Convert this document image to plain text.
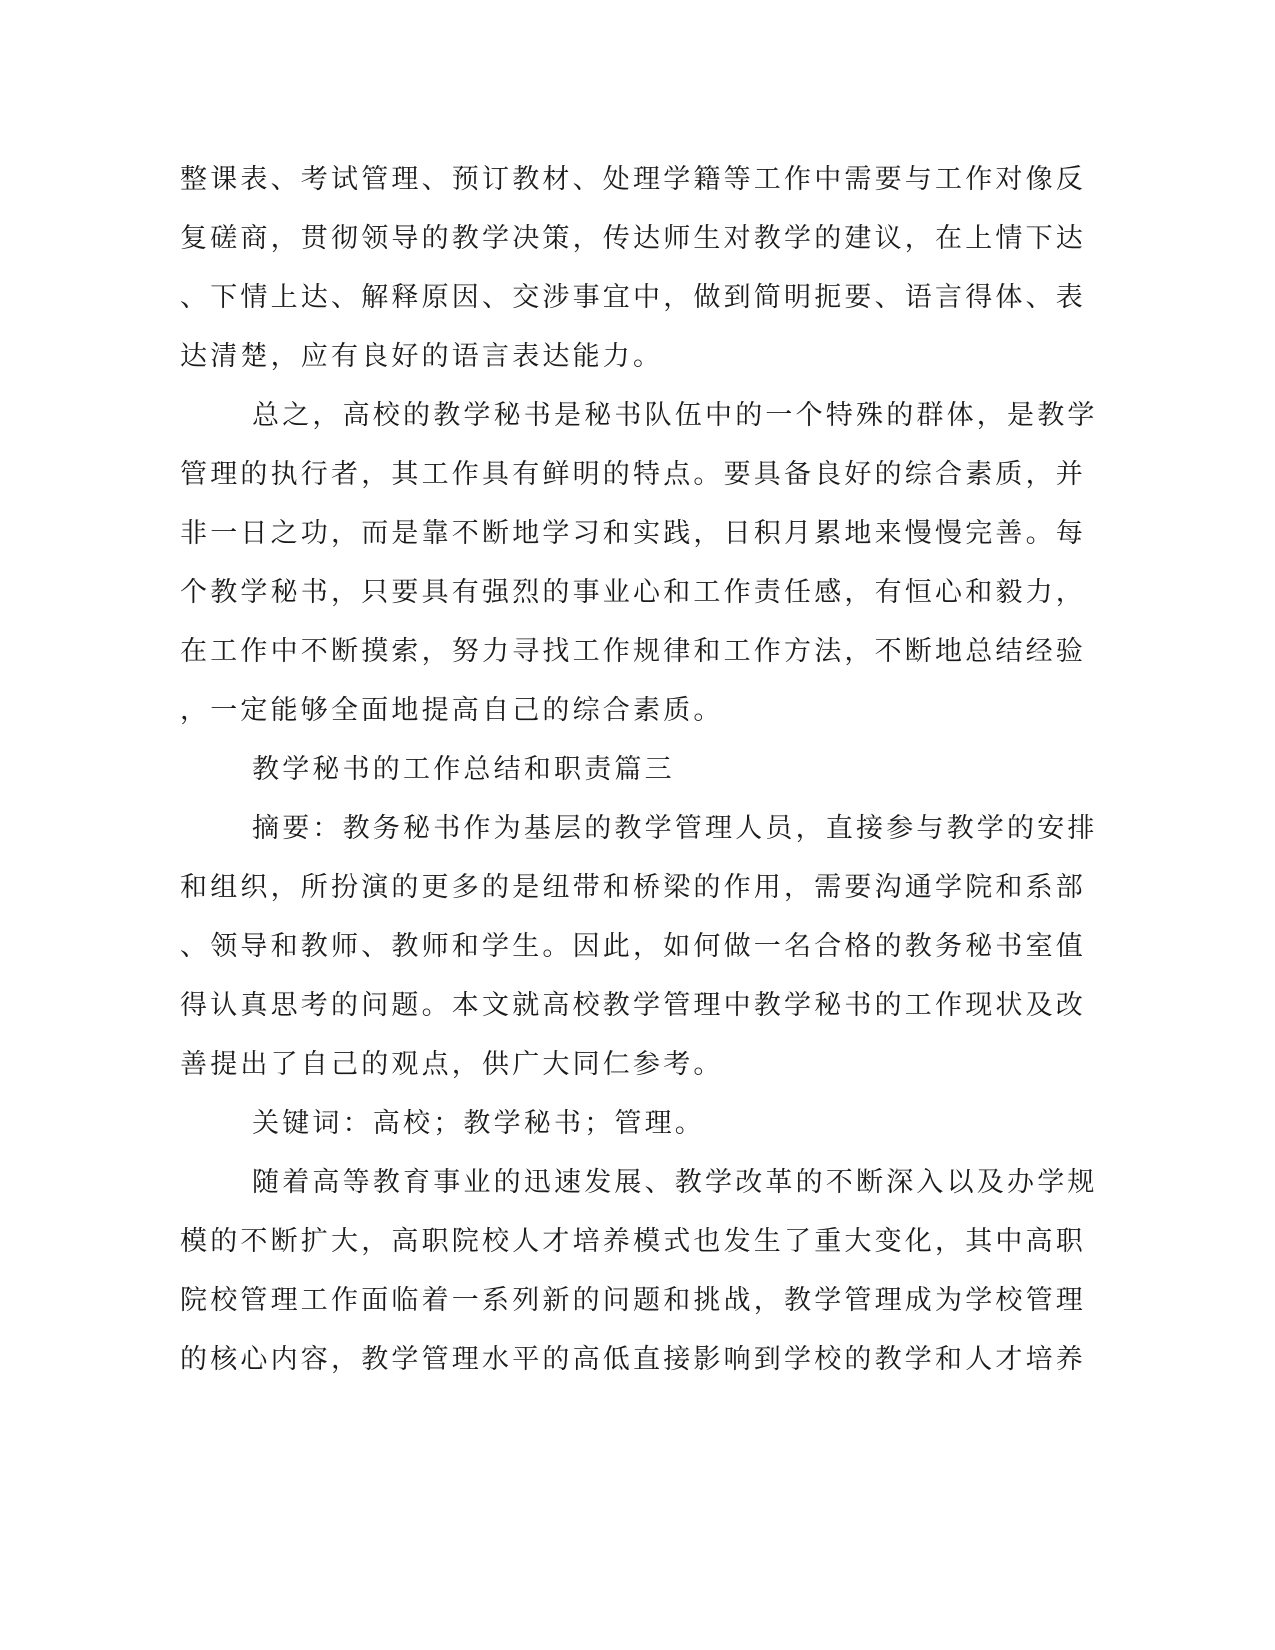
整课表、考试管理、预订教材、处理学籍等工作中需要与工作对像反
复磋商，贯彻领导的教学决策，传达师生对教学的建议，在上情下达
、下情上达、解释原因、交涉事宜中，做到简明扼要、语言得体、表
达清楚，应有良好的语言表达能力。
总之，高校的教学秘书是秘书队伍中的一个特殊的群体，是教学
管理的执行者，其工作具有鲜明的特点。要具备良好的综合素质，并
非一日之功，而是靠不断地学习和实践，日积月累地来慢慢完善。每
个教学秘书，只要具有强烈的事业心和工作责任感，有恒心和毅力，
在工作中不断摸索，努力寻找工作规律和工作方法，不断地总结经验
，一定能够全面地提高自己的综合素质。
教学秘书的工作总结和职责篇三
摘要：教务秘书作为基层的教学管理人员，直接参与教学的安排
和组织，所扮演的更多的是纽带和桥梁的作用，需要沟通学院和系部
、领导和教师、教师和学生。因此，如何做一名合格的教务秘书室值
得认真思考的问题。本文就高校教学管理中教学秘书的工作现状及改
善提出了自己的观点，供广大同仁参考。
关键词：高校；教学秘书；管理。
随着高等教育事业的迅速发展、教学改革的不断深入以及办学规
模的不断扩大，高职院校人才培养模式也发生了重大变化，其中高职
院校管理工作面临着一系列新的问题和挑战，教学管理成为学校管理
的核心内容，教学管理水平的高低直接影响到学校的教学和人才培养
